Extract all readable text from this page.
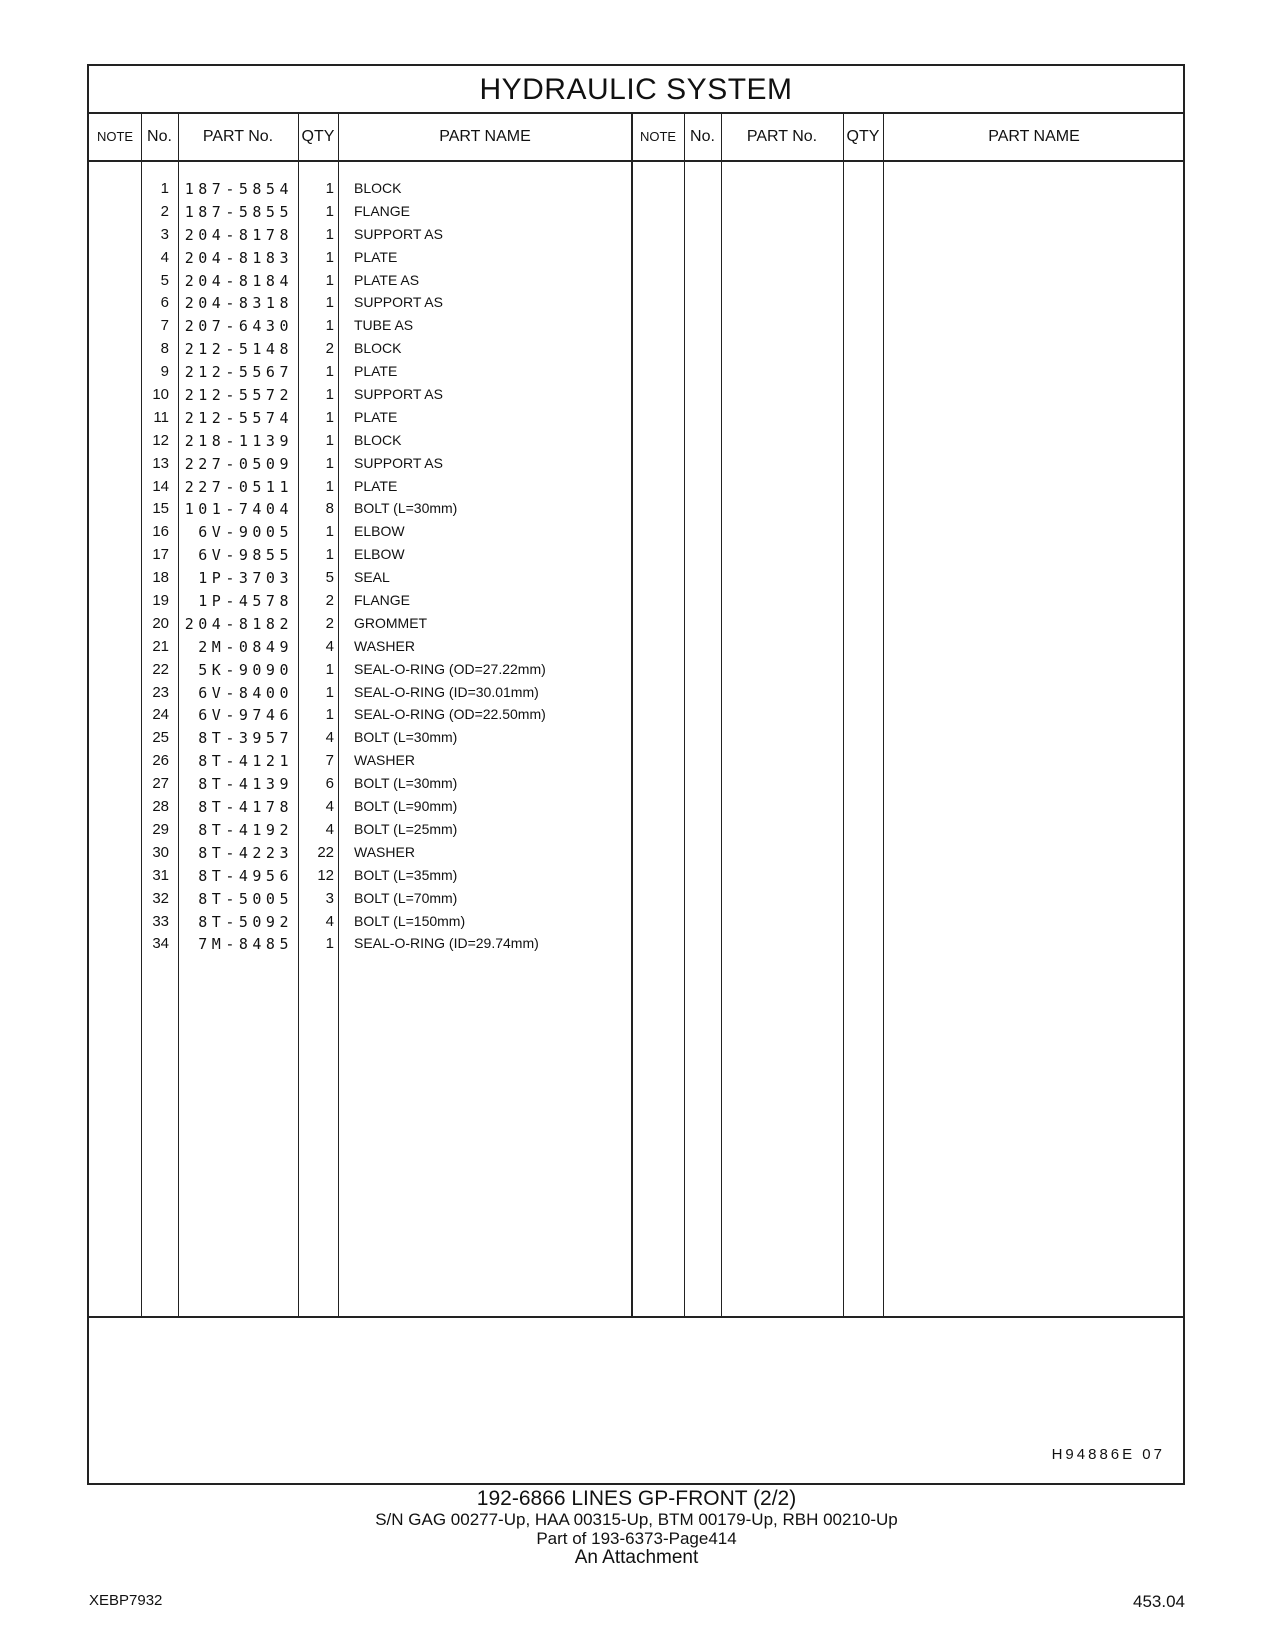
HYDRAULIC SYSTEM
NOTE No.	PART No.	QTY	PART NAME	NOTE No.	PART No.	QTY	PART NAME
1	187-5854	1 BLOCK
2	187-5855	1 FLANGE
3	204-8178	1 SUPPORT AS
4	204-8183	1 PLATE
5	204-8184	1 PLATE AS
6	204-8318	1 SUPPORT AS
7	207-6430	1 TUBE AS
8	212-5148	2 BLOCK
9	212-5567	1 PLATE
10	212-5572	1 SUPPORT AS
11	212-5574	1 PLATE
12	218-1139	1 BLOCK
13	227-0509	1 SUPPORT AS
14	227-0511	1 PLATE
15	101-7404	8 BOLT (L=30mm)
16	6V-9005	1 ELBOW
17	6V-9855	1 ELBOW
18	1P-3703	5 SEAL
19	1P-4578	2 FLANGE
20	204-8182	2 GROMMET
21	2M-0849	4 WASHER
22	5K-9090	1 SEAL-O-RING (OD=27.22mm)
23	6V-8400	1 SEAL-O-RING (ID=30.01mm)
24	6V-9746	1 SEAL-O-RING (OD=22.50mm)
25	8T-3957	4 BOLT (L=30mm)
26	8T-4121	7 WASHER
27	8T-4139	6 BOLT (L=30mm)
28	8T-4178	4 BOLT (L=90mm)
29	8T-4192	4 BOLT (L=25mm)
30	8T-4223	22 WASHER
31	8T-4956	12 BOLT (L=35mm)
32	8T-5005	3 BOLT (L=70mm)
33	8T-5092	4 BOLT (L=150mm)
34	7M-8485	1 SEAL-O-RING (ID=29.74mm)
H94886E 07
192-6866 LINES GP-FRONT (2/2)
S/N GAG 00277-Up, HAA 00315-Up, BTM 00179-Up, RBH 00210-Up
Part of 193-6373-Page414
An Attachment
XEBP7932	453.04
